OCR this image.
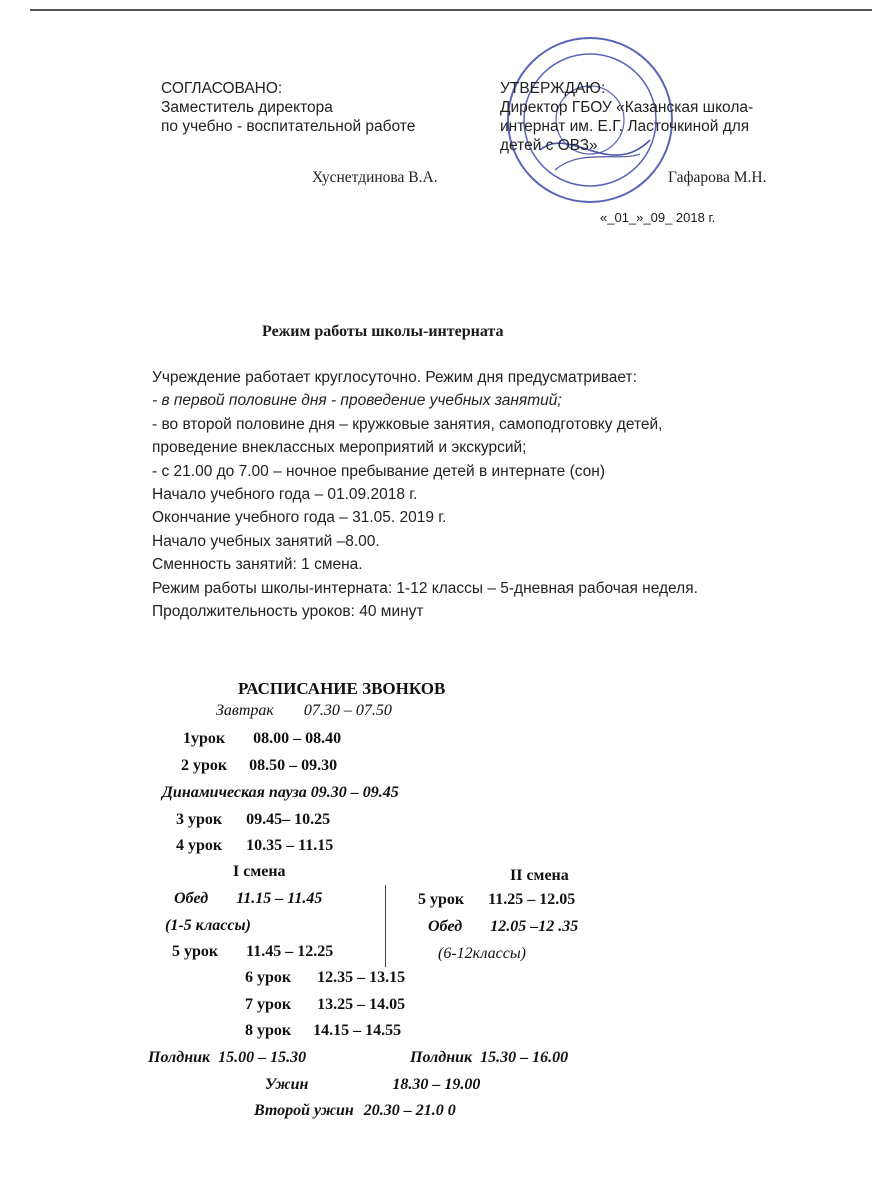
СОГЛАСОВАНО:
Заместитель директора
по учебно - воспитательной работе
Хуснетдинова В.А.
УТВЕРЖДАЮ:
Директор ГБОУ «Казанская школа-
интернат им. Е.Г. Ласточкиной для
детей с ОВЗ»
Гафарова М.Н.
«_01_»_09_ 2018 г.
Режим работы школы-интерната
Учреждение работает круглосуточно. Режим дня предусматривает:
- в первой половине дня - проведение учебных занятий;
- во второй половине дня – кружковые занятия, самоподготовку детей,
проведение внеклассных мероприятий и экскурсий;
- с 21.00 до 7.00 – ночное пребывание детей в интернате (сон)
Начало учебного года – 01.09.2018 г.
Окончание учебного года – 31.05. 2019 г.
Начало учебных занятий –8.00.
Сменность занятий: 1 смена.
Режим работы школы-интерната: 1-12 классы – 5-дневная рабочая неделя.
Продолжительность уроков: 40 минут
РАСПИСАНИЕ ЗВОНКОВ
Завтрак 07.30 – 07.50
1урок 08.00 – 08.40
2 урок 08.50 – 09.30
Динамическая пауза 09.30 – 09.45
3 урок 09.45– 10.25
4 урок 10.35 – 11.15
I смена	II смена
Обед 11.15 – 11.45
(1-5 классы)
5 урок 11.45 – 12.25
5 урок 11.25 – 12.05
Обед 12.05 –12 .35
(6-12классы)
6 урок 12.35 – 13.15
7 урок 13.25 – 14.05
8 урок 14.15 – 14.55
Полдник 15.00 – 15.30	Полдник 15.30 – 16.00
Ужин	18.30 – 19.00
Второй ужин 20.30 – 21.0 0
